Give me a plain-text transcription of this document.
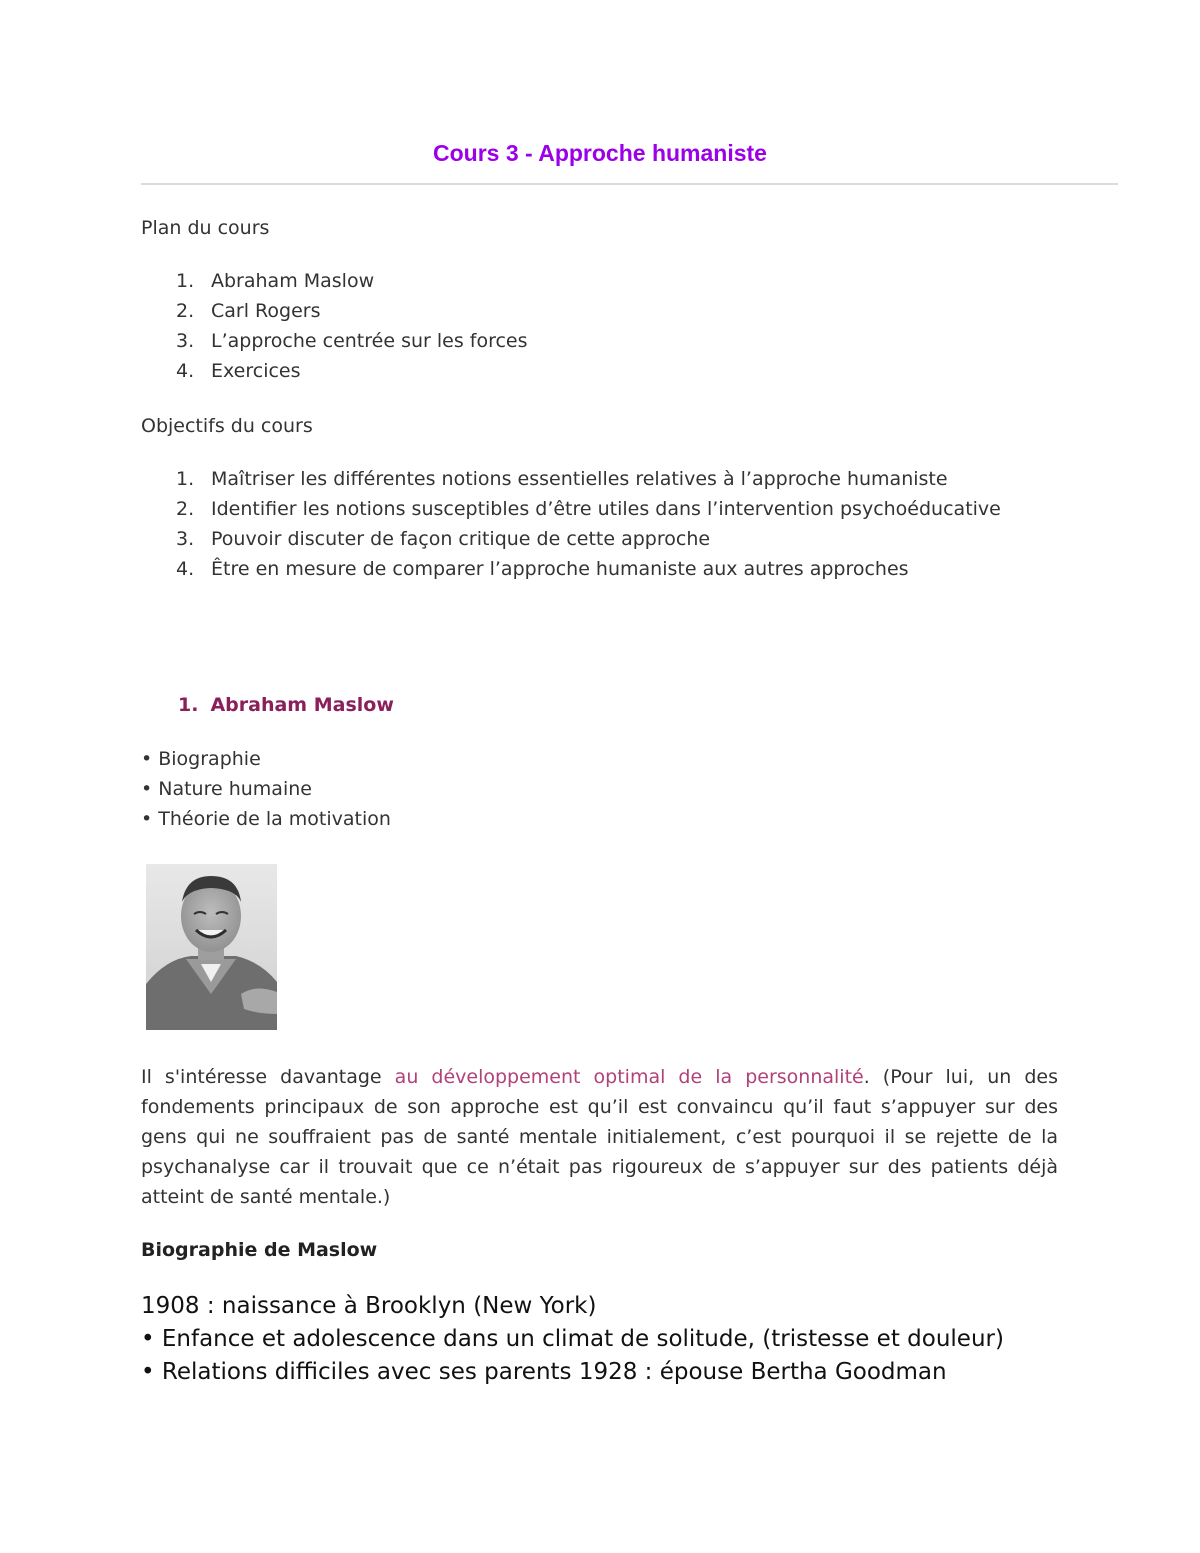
Cours 3 - Approche humaniste
Plan du cours
1. Abraham Maslow
2. Carl Rogers
3. L’approche centrée sur les forces
4. Exercices
Objectifs du cours
1. Maîtriser les différentes notions essentielles relatives à l’approche humaniste
2. Identifier les notions susceptibles d’être utiles dans l’intervention psychoéducative
3. Pouvoir discuter de façon critique de cette approche
4. Être en mesure de comparer l’approche humaniste aux autres approches
1. Abraham Maslow
• Biographie
• Nature humaine
• Théorie de la motivation
Il s'intéresse davantage au développement optimal de la personnalité. (Pour lui, un des fondements principaux de son approche est qu’il est convaincu qu’il faut s’appuyer sur des gens qui ne souffraient pas de santé mentale initialement, c’est pourquoi il se rejette de la psychanalyse car il trouvait que ce n’était pas rigoureux de s’appuyer sur des patients déjà atteint de santé mentale.)
Biographie de Maslow
1908 : naissance à Brooklyn (New York)
• Enfance et adolescence dans un climat de solitude, (tristesse et douleur)
• Relations difficiles avec ses parents 1928 : épouse Bertha Goodman
